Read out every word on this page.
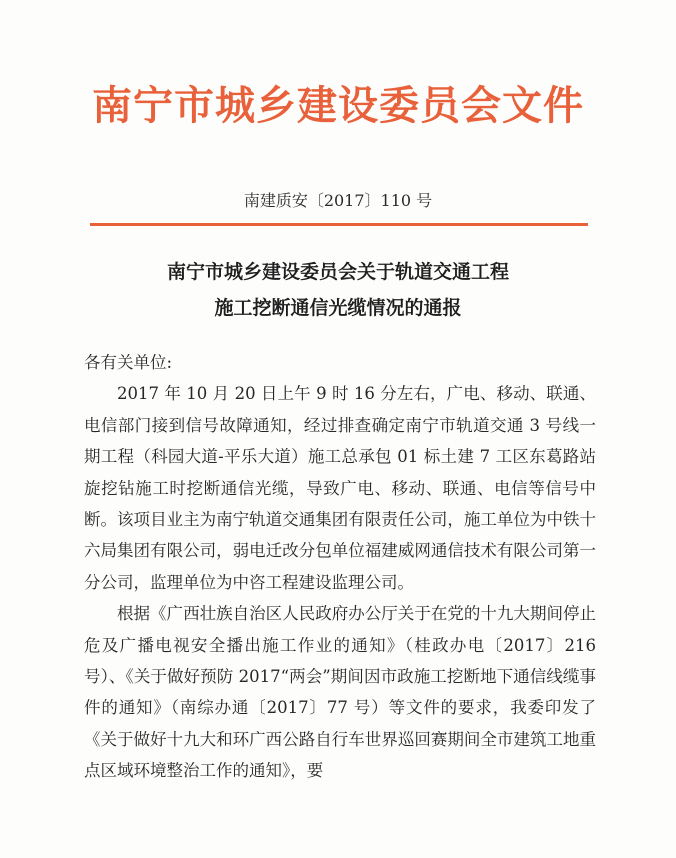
南宁市城乡建设委员会文件
南建质安〔2017〕110 号
南宁市城乡建设委员会关于轨道交通工程
施工挖断通信光缆情况的通报

各有关单位:

2017 年 10 月 20 日上午 9 时 16 分左右，广电、移动、联通、电信部门接到信号故障通知，经过排查确定南宁市轨道交通 3 号线一期工程（科园大道-平乐大道）施工总承包 01 标土建 7 工区东葛路站旋挖钻施工时挖断通信光缆，导致广电、移动、联通、电信等信号中断。该项目业主为南宁轨道交通集团有限责任公司，施工单位为中铁十六局集团有限公司，弱电迁改分包单位福建威网通信技术有限公司第一分公司，监理单位为中咨工程建设监理公司。

根据《广西壮族自治区人民政府办公厅关于在党的十九大期间停止危及广播电视安全播出施工作业的通知》（桂政办电〔2017〕216 号）、《关于做好预防 2017“两会”期间因市政施工挖断地下通信线缆事件的通知》（南综办通〔2017〕77 号）等文件的要求，我委印发了《关于做好十九大和环广西公路自行车世界巡回赛期间全市建筑工地重点区域环境整治工作的通知》，要
